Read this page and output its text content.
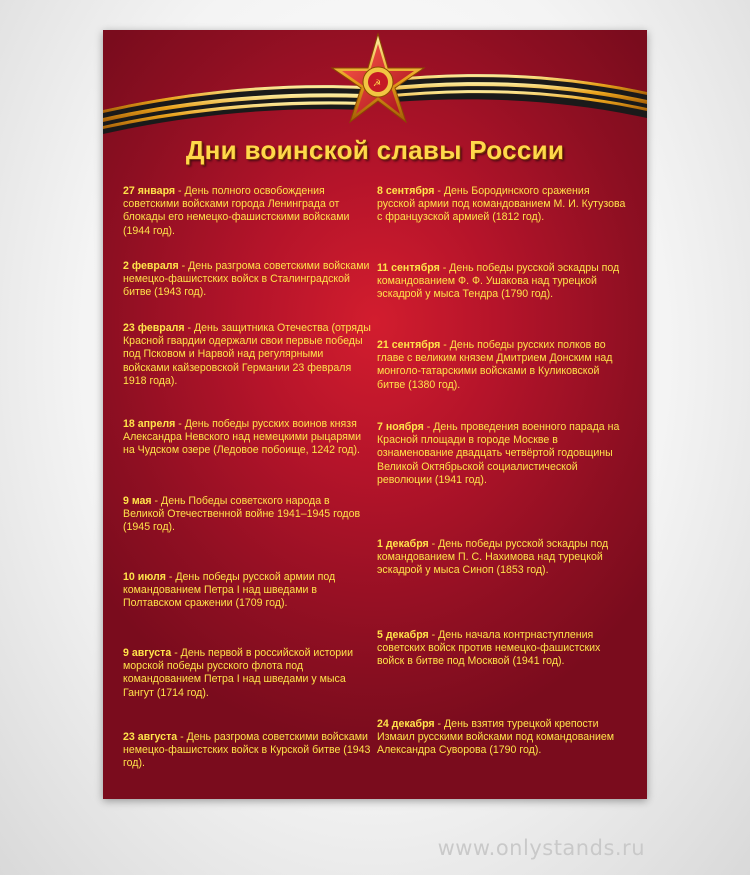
☭
Дни воинской славы России
27 января - День полного освобождения советскими войсками города Ленинграда от блокады его немецко-фашистскими войсками (1944 год).
2 февраля - День разгрома советскими войсками немецко-фашистских войск в Сталинградской битве (1943 год).
23 февраля - День защитника Отечества (отряды Красной гвардии одержали свои первые победы под Псковом и Нарвой над регулярными войсками кайзеровской Германии 23 февраля 1918 года).
18 апреля - День победы русских воинов князя Александра Невского над немецкими рыцарями на Чудском озере (Ледовое побоище, 1242 год).
9 мая - День Победы советского народа в Великой Отечественной войне 1941–1945 годов (1945 год).
10 июля - День победы русской армии под командованием Петра I над шведами в Полтавском сражении (1709 год).
9 августа - День первой в российской истории морской победы русского флота под командованием Петра I над шведами у мыса Гангут (1714 год).
23 августа - День разгрома советскими войсками немецко-фашистских войск в Курской битве (1943 год).
8 сентября - День Бородинского сражения русской армии под командованием М. И. Кутузова с французской армией (1812 год).
11 сентября - День победы русской эскадры под командованием Ф. Ф. Ушакова над турецкой эскадрой у мыса Тендра (1790 год).
21 сентября - День победы русских полков во главе с великим князем Дмитрием Донским над монголо-татарскими войсками в Куликовской битве (1380 год).
7 ноября - День проведения военного парада на Красной площади в городе Москве в ознаменование двадцать четвёртой годовщины Великой Октябрьской социалистической революции (1941 год).
1 декабря - День победы русской эскадры под командованием П. С. Нахимова над турецкой эскадрой у мыса Синоп (1853 год).
5 декабря - День начала контрнаступления советских войск против немецко-фашистских войск в битве под Москвой (1941 год).
24 декабря - День взятия турецкой крепости Измаил русскими войсками под командованием Александра Суворова (1790 год).
www.onlystands.ru
